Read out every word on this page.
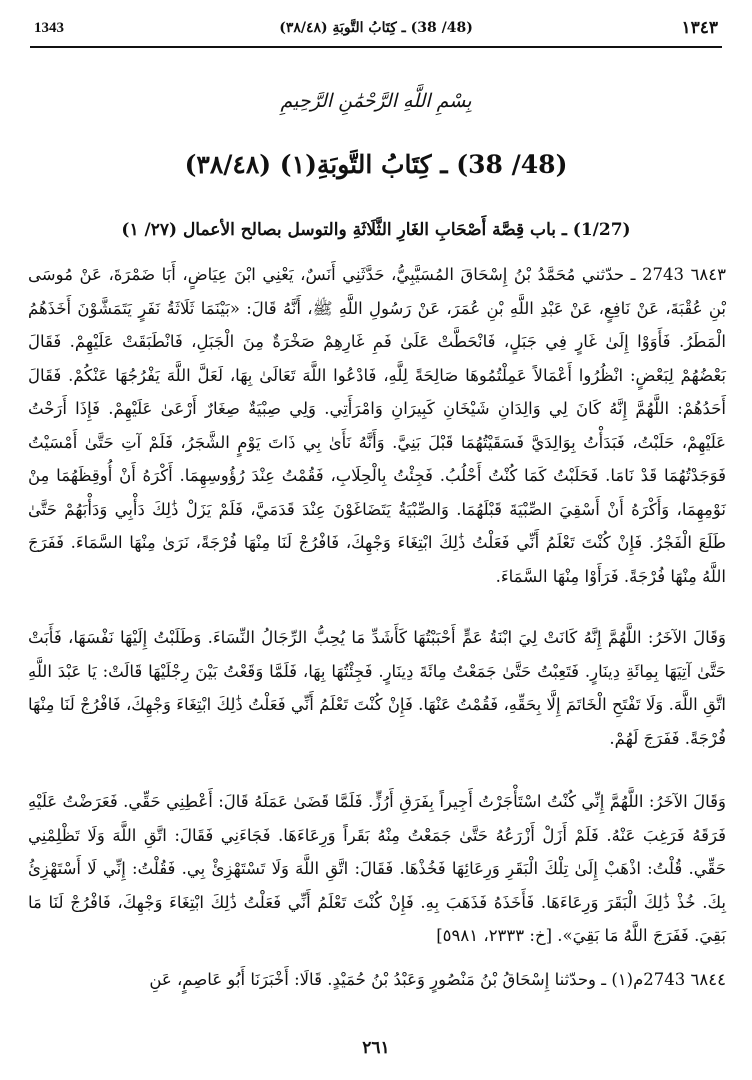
١٣٤٣
(48/ 38) ـ كِتَابُ التَّوبَةِ (٣٨/٤٨)
1343
بِسْمِ اللَّهِ الرَّحْمَٰنِ الرَّحِيمِ
(48/ 38) ـ كِتَابُ التَّوبَةِ(١) (٣٨/٤٨)
(1/27) ـ باب قِصَّة أَصْحَابِ الغَارِ الثَّلَاثَةِ والتوسل بصالح الأعمال (٢٧/ ١)
٦٨٤٣ 2743 ـ حدّثني مُحَمَّدُ بْنُ إِسْحَاقَ المُسَيَّبِيُّ، حَدَّثَنِي أَنَسٌ، يَعْنِي ابْنَ عِيَاضٍ، أَبَا ضَمْرَةَ، عَنْ مُوسَى بْنِ عُقْبَةَ، عَنْ نَافِعٍ، عَنْ عَبْدِ اللَّهِ بْنِ عُمَرَ، عَنْ رَسُولِ اللَّهِ ﷺ، أَنَّهُ قَالَ: «بَيْنَمَا ثَلَاثَةُ نَفَرٍ يَتَمَشَّوْنَ أَخَذَهُمُ الْمَطَرُ. فَأَوَوْا إِلَىٰ غَارٍ فِي جَبَلٍ، فَانْحَطَّتْ عَلَىٰ فَمِ غَارِهِمْ صَخْرَةٌ مِنَ الْجَبَلِ، فَانْطَبَقَتْ عَلَيْهِمْ. فَقَالَ بَعْضُهُمْ لِبَعْضٍ: انْظُرُوا أَعْمَالاً عَمِلْتُمُوهَا صَالِحَةً لِلَّهِ، فَادْعُوا اللَّهَ تَعَالَىٰ بِهَا، لَعَلَّ اللَّهَ يَفْرُجُهَا عَنْكُمْ. فَقَالَ أَحَدُهُمْ: اللَّهُمَّ إِنَّهُ كَانَ لِي وَالِدَانِ شَيْخَانِ كَبِيرَانِ وَامْرَأَتِي. وَلِي صِبْيَةٌ صِغَارٌ أَرْعَىٰ عَلَيْهِمْ. فَإِذَا أَرَحْتُ عَلَيْهِمْ، حَلَبْتُ، فَبَدَأْتُ بِوَالِدَيَّ فَسَقَيْتُهُمَا قَبْلَ بَنِيَّ. وَأَنَّهُ نَأَىٰ بِي ذَاتَ يَوْمٍ الشَّجَرُ، فَلَمْ آتِ حَتَّىٰ أَمْسَيْتُ فَوَجَدْتُهُمَا قَدْ نَامَا. فَحَلَبْتُ كَمَا كُنْتُ أَحْلُبُ. فَجِئْتُ بِالْحِلَابِ، فَقُمْتُ عِنْدَ رُؤُوسِهِمَا. أَكْرَهُ أَنْ أُوقِظَهُمَا مِنْ نَوْمِهِمَا، وَأَكْرَهُ أَنْ أَسْقِيَ الصِّبْيَةَ قَبْلَهُمَا. وَالصِّبْيَةُ يَتَضَاغَوْنَ عِنْدَ قَدَمَيَّ، فَلَمْ يَزَلْ ذَٰلِكَ دَأْبِي وَدَأْبَهُمْ حَتَّىٰ طَلَعَ الْفَجْرُ. فَإِنْ كُنْتَ تَعْلَمُ أَنِّي فَعَلْتُ ذَٰلِكَ ابْتِغَاءَ وَجْهِكَ، فَافْرُجْ لَنَا مِنْهَا فُرْجَةً، نَرَىٰ مِنْهَا السَّمَاءَ. فَفَرَجَ اللَّهُ مِنْهَا فُرْجَةً. فَرَأَوْا مِنْهَا السَّمَاءَ.
وَقَالَ الآخَرُ: اللَّهُمَّ إِنَّهُ كَانَتْ لِيَ ابْنَةُ عَمٍّ أَحْبَبْتُهَا كَأَشَدِّ مَا يُحِبُّ الرِّجَالُ النِّسَاءَ. وَطَلَبْتُ إِلَيْهَا نَفْسَهَا، فَأَبَتْ حَتَّىٰ آتِيَهَا بِمِائَةِ دِينَارٍ. فَتَعِبْتُ حَتَّىٰ جَمَعْتُ مِائَةَ دِينَارٍ. فَجِئْتُهَا بِهَا، فَلَمَّا وَقَعْتُ بَيْنَ رِجْلَيْهَا قَالَتْ: يَا عَبْدَ اللَّهِ اتَّقِ اللَّهَ. وَلَا تَفْتَحِ الْخَاتَمَ إِلَّا بِحَقِّهِ، فَقُمْتُ عَنْهَا. فَإِنْ كُنْتَ تَعْلَمُ أَنِّي فَعَلْتُ ذَٰلِكَ ابْتِغَاءَ وَجْهِكَ، فَافْرُجْ لَنَا مِنْهَا فُرْجَةً. فَفَرَجَ لَهُمْ.
وَقَالَ الآخَرُ: اللَّهُمَّ إِنِّي كُنْتُ اسْتَأْجَرْتُ أَجِيراً بِفَرَقِ أَرُزٍّ. فَلَمَّا قَضَىٰ عَمَلَهُ قَالَ: أَعْطِنِي حَقِّي. فَعَرَضْتُ عَلَيْهِ فَرَقَهُ فَرَغِبَ عَنْهُ. فَلَمْ أَزَلْ أَزْرَعُهُ حَتَّىٰ جَمَعْتُ مِنْهُ بَقَراً وَرِعَاءَهَا. فَجَاءَنِي فَقَالَ: اتَّقِ اللَّهَ وَلَا تَظْلِمْنِي حَقِّي. قُلْتُ: اذْهَبْ إِلَىٰ تِلْكَ الْبَقَرِ وَرِعَائِهَا فَخُذْهَا. فَقَالَ: اتَّقِ اللَّهَ وَلَا تَسْتَهْزِئْ بِي. فَقُلْتُ: إِنِّي لَا أَسْتَهْزِئُ بِكَ. خُذْ ذَٰلِكَ الْبَقَرَ وَرِعَاءَهَا. فَأَخَذَهُ فَذَهَبَ بِهِ. فَإِنْ كُنْتَ تَعْلَمُ أَنِّي فَعَلْتُ ذَٰلِكَ ابْتِغَاءَ وَجْهِكَ، فَافْرُجْ لَنَا مَا بَقِيَ. فَفَرَجَ اللَّهُ مَا بَقِيَ». [خ: ٢٣٣٣، ٥٩٨١]
٦٨٤٤ 2743م(١) ـ وحدّثنا إِسْحَاقُ بْنُ مَنْصُورٍ وَعَبْدُ بْنُ حُمَيْدٍ. قَالَا: أَخْبَرَنَا أَبُو عَاصِمٍ، عَنِ
٢٦١
